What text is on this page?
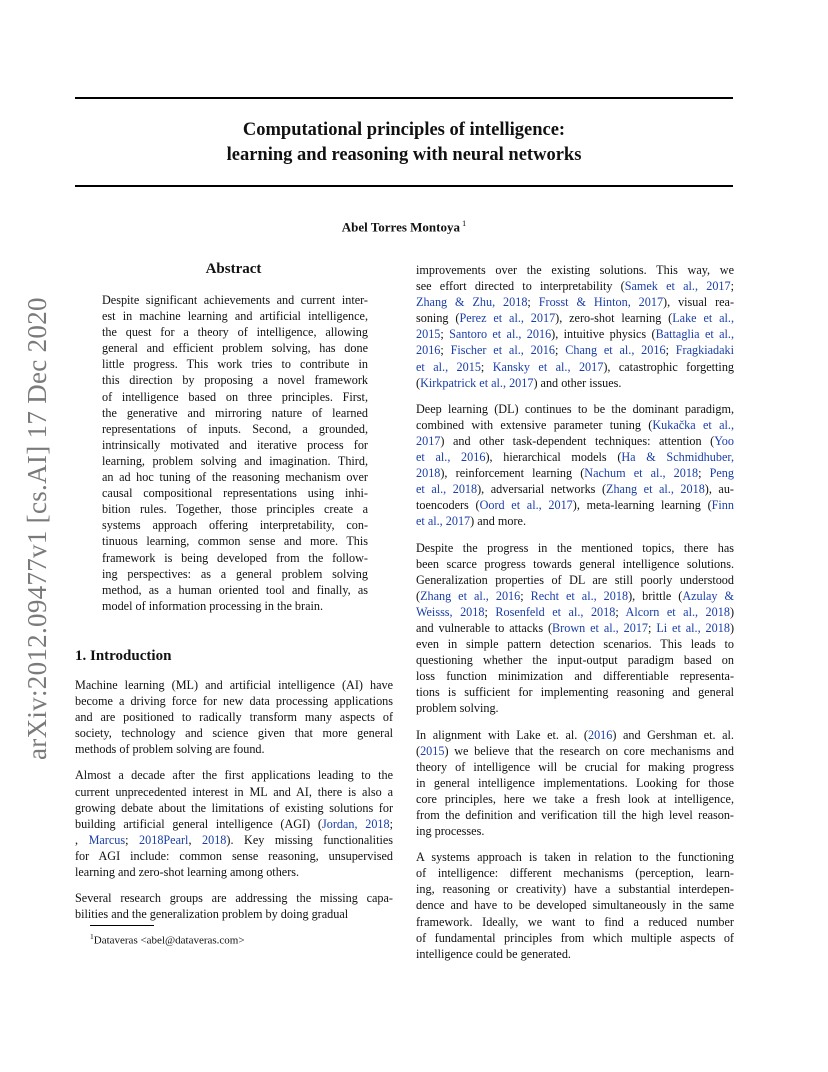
Computational principles of intelligence:
learning and reasoning with neural networks
Abel Torres Montoya $^1$
arXiv:2012.09477v1 [cs.AI] 17 Dec 2020
Abstract
Despite significant achievements and current inter-
est in machine learning and artificial intelligence,
the quest for a theory of intelligence, allowing
general and efficient problem solving, has done
little progress. This work tries to contribute in
this direction by proposing a novel framework
of intelligence based on three principles. First,
the generative and mirroring nature of learned
representations of inputs. Second, a grounded,
intrinsically motivated and iterative process for
learning, problem solving and imagination. Third,
an ad hoc tuning of the reasoning mechanism over
causal compositional representations using inhi-
bition rules. Together, those principles create a
systems approach offering interpretability, con-
tinuous learning, common sense and more. This
framework is being developed from the follow-
ing perspectives: as a general problem solving
method, as a human oriented tool and finally, as
model of information processing in the brain.
1. Introduction
Machine learning (ML) and artificial intelligence (AI) have
become a driving force for new data processing applications
and are positioned to radically transform many aspects of
society, technology and science given that more general
methods of problem solving are found.
Almost a decade after the first applications leading to the
current unprecedented interest in ML and AI, there is also a
growing debate about the limitations of existing solutions for
building artificial general intelligence (AGI) (Jordan, 2018;
, Marcus; 2018Pearl, 2018). Key missing functionalities
for AGI include: common sense reasoning, unsupervised
learning and zero-shot learning among others.
Several research groups are addressing the missing capa-
bilities and the generalization problem by doing gradual
$^1$Dataveras <abel@dataveras.com>
improvements over the existing solutions. This way, we
see effort directed to interpretability (Samek et al., 2017;
Zhang & Zhu, 2018; Frosst & Hinton, 2017), visual rea-
soning (Perez et al., 2017), zero-shot learning (Lake et al.,
2015; Santoro et al., 2016), intuitive physics (Battaglia et al.,
2016; Fischer et al., 2016; Chang et al., 2016; Fragkiadaki
et al., 2015; Kansky et al., 2017), catastrophic forgetting
(Kirkpatrick et al., 2017) and other issues.
Deep learning (DL) continues to be the dominant paradigm,
combined with extensive parameter tuning (Kukačka et al.,
2017) and other task-dependent techniques: attention (Yoo
et al., 2016), hierarchical models (Ha & Schmidhuber,
2018), reinforcement learning (Nachum et al., 2018; Peng
et al., 2018), adversarial networks (Zhang et al., 2018), au-
toencoders (Oord et al., 2017), meta-learning learning (Finn
et al., 2017) and more.
Despite the progress in the mentioned topics, there has
been scarce progress towards general intelligence solutions.
Generalization properties of DL are still poorly understood
(Zhang et al., 2016; Recht et al., 2018), brittle (Azulay &
Weisss, 2018; Rosenfeld et al., 2018; Alcorn et al., 2018)
and vulnerable to attacks (Brown et al., 2017; Li et al., 2018)
even in simple pattern detection scenarios. This leads to
questioning whether the input-output paradigm based on
loss function minimization and differentiable representa-
tions is sufficient for implementing reasoning and general
problem solving.
In alignment with Lake et. al. (2016) and Gershman et. al.
(2015) we believe that the research on core mechanisms and
theory of intelligence will be crucial for making progress
in general intelligence implementations. Looking for those
core principles, here we take a fresh look at intelligence,
from the definition and verification till the high level reason-
ing processes.
A systems approach is taken in relation to the functioning
of intelligence: different mechanisms (perception, learn-
ing, reasoning or creativity) have a substantial interdepen-
dence and have to be developed simultaneously in the same
framework. Ideally, we want to find a reduced number
of fundamental principles from which multiple aspects of
intelligence could be generated.
